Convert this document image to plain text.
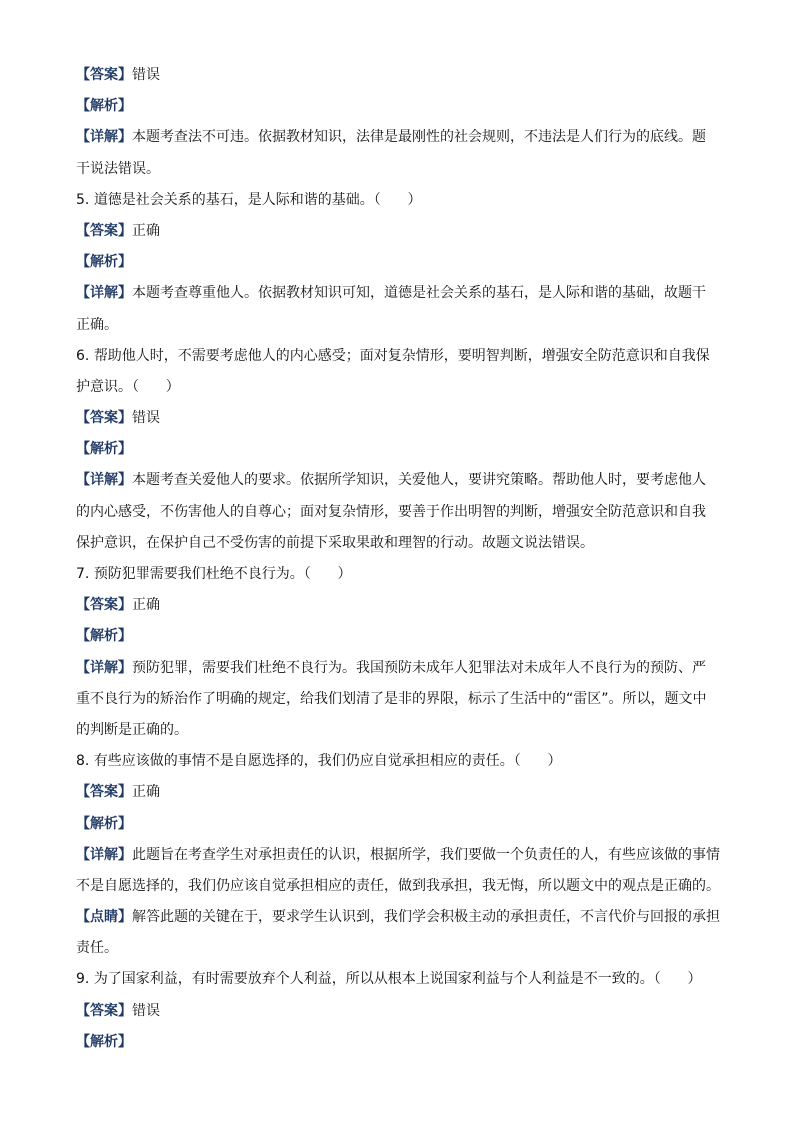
【答案】错误
【解析】
【详解】本题考查法不可违。依据教材知识，法律是最刚性的社会规则，不违法是人们行为的底线。题
干说法错误。
5. 道德是社会关系的基石，是人际和谐的基础。（ ）
【答案】正确
【解析】
【详解】本题考查尊重他人。依据教材知识可知，道德是社会关系的基石，是人际和谐的基础，故题干
正确。
6. 帮助他人时，不需要考虑他人的内心感受；面对复杂情形，要明智判断，增强安全防范意识和自我保
护意识。（ ）
【答案】错误
【解析】
【详解】本题考查关爱他人的要求。依据所学知识，关爱他人，要讲究策略。帮助他人时，要考虑他人
的内心感受，不伤害他人的自尊心；面对复杂情形，要善于作出明智的判断，增强安全防范意识和自我
保护意识，在保护自己不受伤害的前提下采取果敢和理智的行动。故题文说法错误。
7. 预防犯罪需要我们杜绝不良行为。（ ）
【答案】正确
【解析】
【详解】预防犯罪，需要我们杜绝不良行为。我国预防未成年人犯罪法对未成年人不良行为的预防、严
重不良行为的矫治作了明确的规定，给我们划清了是非的界限，标示了生活中的“雷区”。所以，题文中
的判断是正确的。
8. 有些应该做的事情不是自愿选择的，我们仍应自觉承担相应的责任。（ ）
【答案】正确
【解析】
【详解】此题旨在考查学生对承担责任的认识，根据所学，我们要做一个负责任的人，有些应该做的事情
不是自愿选择的，我们仍应该自觉承担相应的责任，做到我承担，我无悔，所以题文中的观点是正确的。
【点睛】解答此题的关键在于，要求学生认识到，我们学会积极主动的承担责任，不言代价与回报的承担
责任。
9. 为了国家利益，有时需要放弃个人利益，所以从根本上说国家利益与个人利益是不一致的。（ ）
【答案】错误
【解析】
